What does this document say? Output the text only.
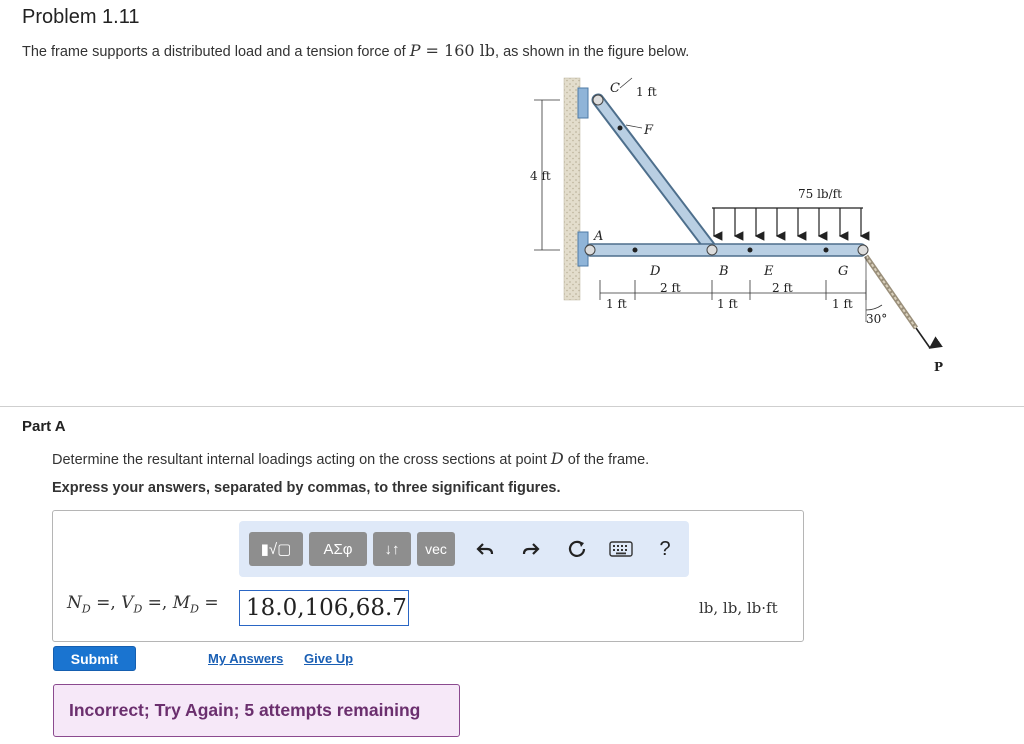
Problem 1.11
The frame supports a distributed load and a tension force of P = 160 lb, as shown in the figure below.
4 ft
C 1 ft
F
75 lb/ft
A
D	B	E	G
1 ft
2 ft
1 ft
2 ft
1 ft
30°
P
Part A
Determine the resultant internal loadings acting on the cross sections at point D of the frame.
Express your answers, separated by commas, to three significant figures.
▮√▢ ΑΣφ ↓↑ vec	?
$N_D$ =, $V_D$ =, $M_D$ =
18.0,106,68.7	lb, lb, lb·ft
Submit	My Answers Give Up
Incorrect; Try Again; 5 attempts remaining
